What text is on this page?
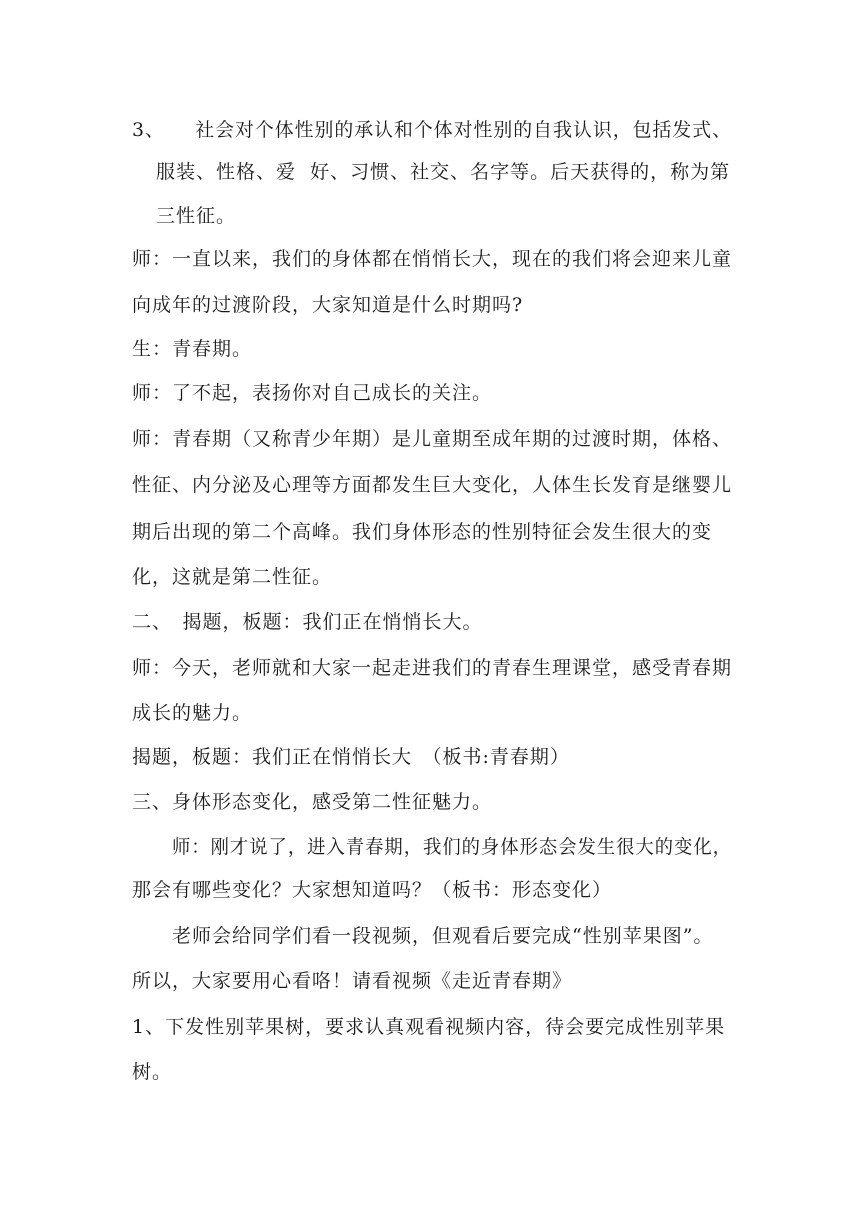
3、　　社会对个体性别的承认和个体对性别的自我认识，包括发式、
服装、性格、爱  好、习惯、社交、名字等。后天获得的，称为第
三性征。
师：一直以来，我们的身体都在悄悄长大，现在的我们将会迎来儿童
向成年的过渡阶段，大家知道是什么时期吗?
生：青春期。
师：了不起，表扬你对自己成长的关注。
师：青春期（又称青少年期）是儿童期至成年期的过渡时期，体格、
性征、内分泌及心理等方面都发生巨大变化，人体生长发育是继婴儿
期后出现的第二个高峰。我们身体形态的性别特征会发生很大的变
化，这就是第二性征。
二、　揭题，板题：我们正在悄悄长大。
师：今天，老师就和大家一起走进我们的青春生理课堂，感受青春期
成长的魅力。
揭题，板题：我们正在悄悄长大　（板书:青春期）
三、身体形态变化，感受第二性征魅力。
师：刚才说了，进入青春期，我们的身体形态会发生很大的变化，
那会有哪些变化？大家想知道吗？（板书：形态变化）
老师会给同学们看一段视频，但观看后要完成“性别苹果图”。
所以，大家要用心看咯！请看视频《走近青春期》
1、下发性别苹果树，要求认真观看视频内容，待会要完成性别苹果
树。
